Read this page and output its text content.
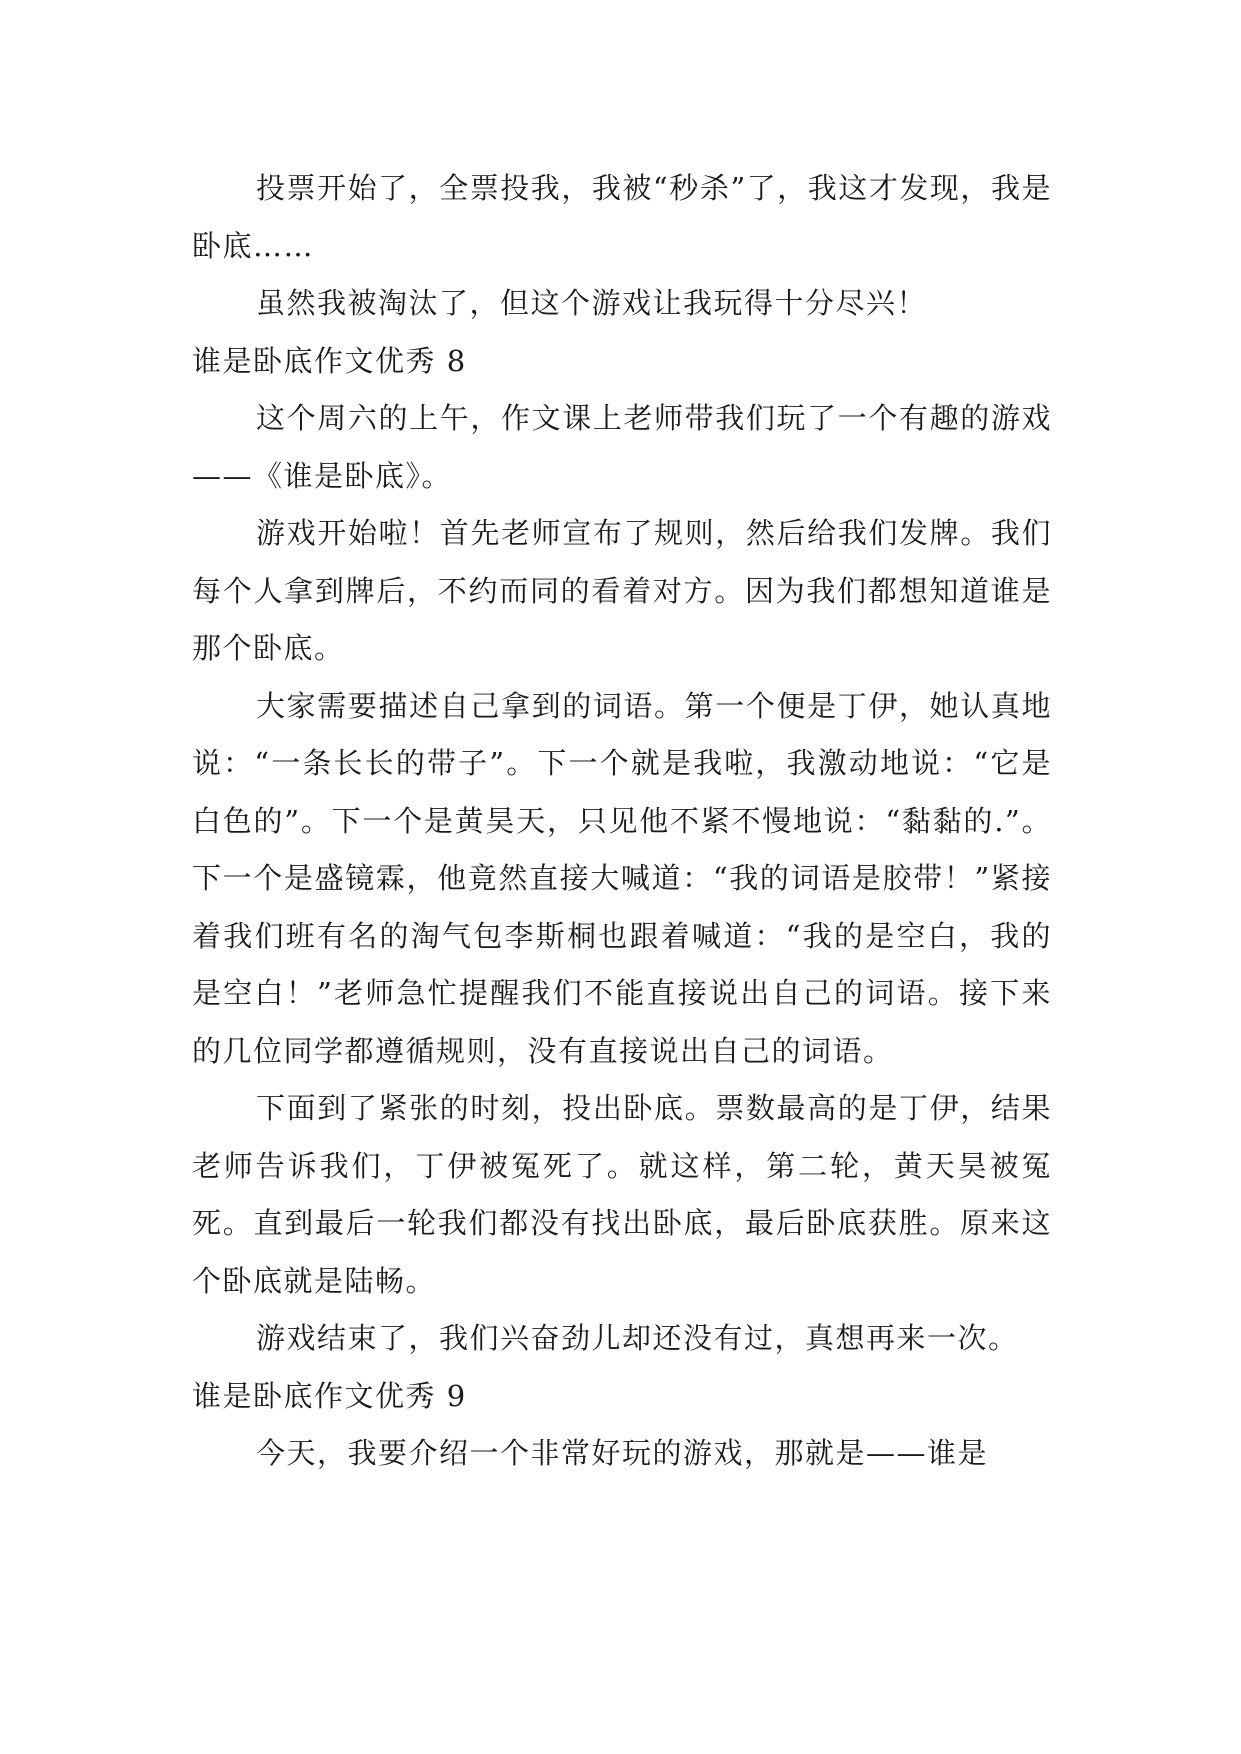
投票开始了，全票投我，我被“秒杀”了，我这才发现，我是卧底……

虽然我被淘汰了，但这个游戏让我玩得十分尽兴！

谁是卧底作文优秀 8

这个周六的上午，作文课上老师带我们玩了一个有趣的游戏——《谁是卧底》。

游戏开始啦！首先老师宣布了规则，然后给我们发牌。我们每个人拿到牌后，不约而同的看着对方。因为我们都想知道谁是那个卧底。

大家需要描述自己拿到的词语。第一个便是丁伊，她认真地说：“一条长长的带子”。下一个就是我啦，我激动地说：“它是白色的”。下一个是黄昊天，只见他不紧不慢地说：“黏黏的.”。下一个是盛镜霖，他竟然直接大喊道：“我的词语是胶带！”紧接着我们班有名的淘气包李斯桐也跟着喊道：“我的是空白，我的是空白！”老师急忙提醒我们不能直接说出自己的词语。接下来的几位同学都遵循规则，没有直接说出自己的词语。

下面到了紧张的时刻，投出卧底。票数最高的是丁伊，结果老师告诉我们，丁伊被冤死了。就这样，第二轮，黄天昊被冤死。直到最后一轮我们都没有找出卧底，最后卧底获胜。原来这个卧底就是陆畅。

游戏结束了，我们兴奋劲儿却还没有过，真想再来一次。

谁是卧底作文优秀 9

今天，我要介绍一个非常好玩的游戏，那就是——谁是
